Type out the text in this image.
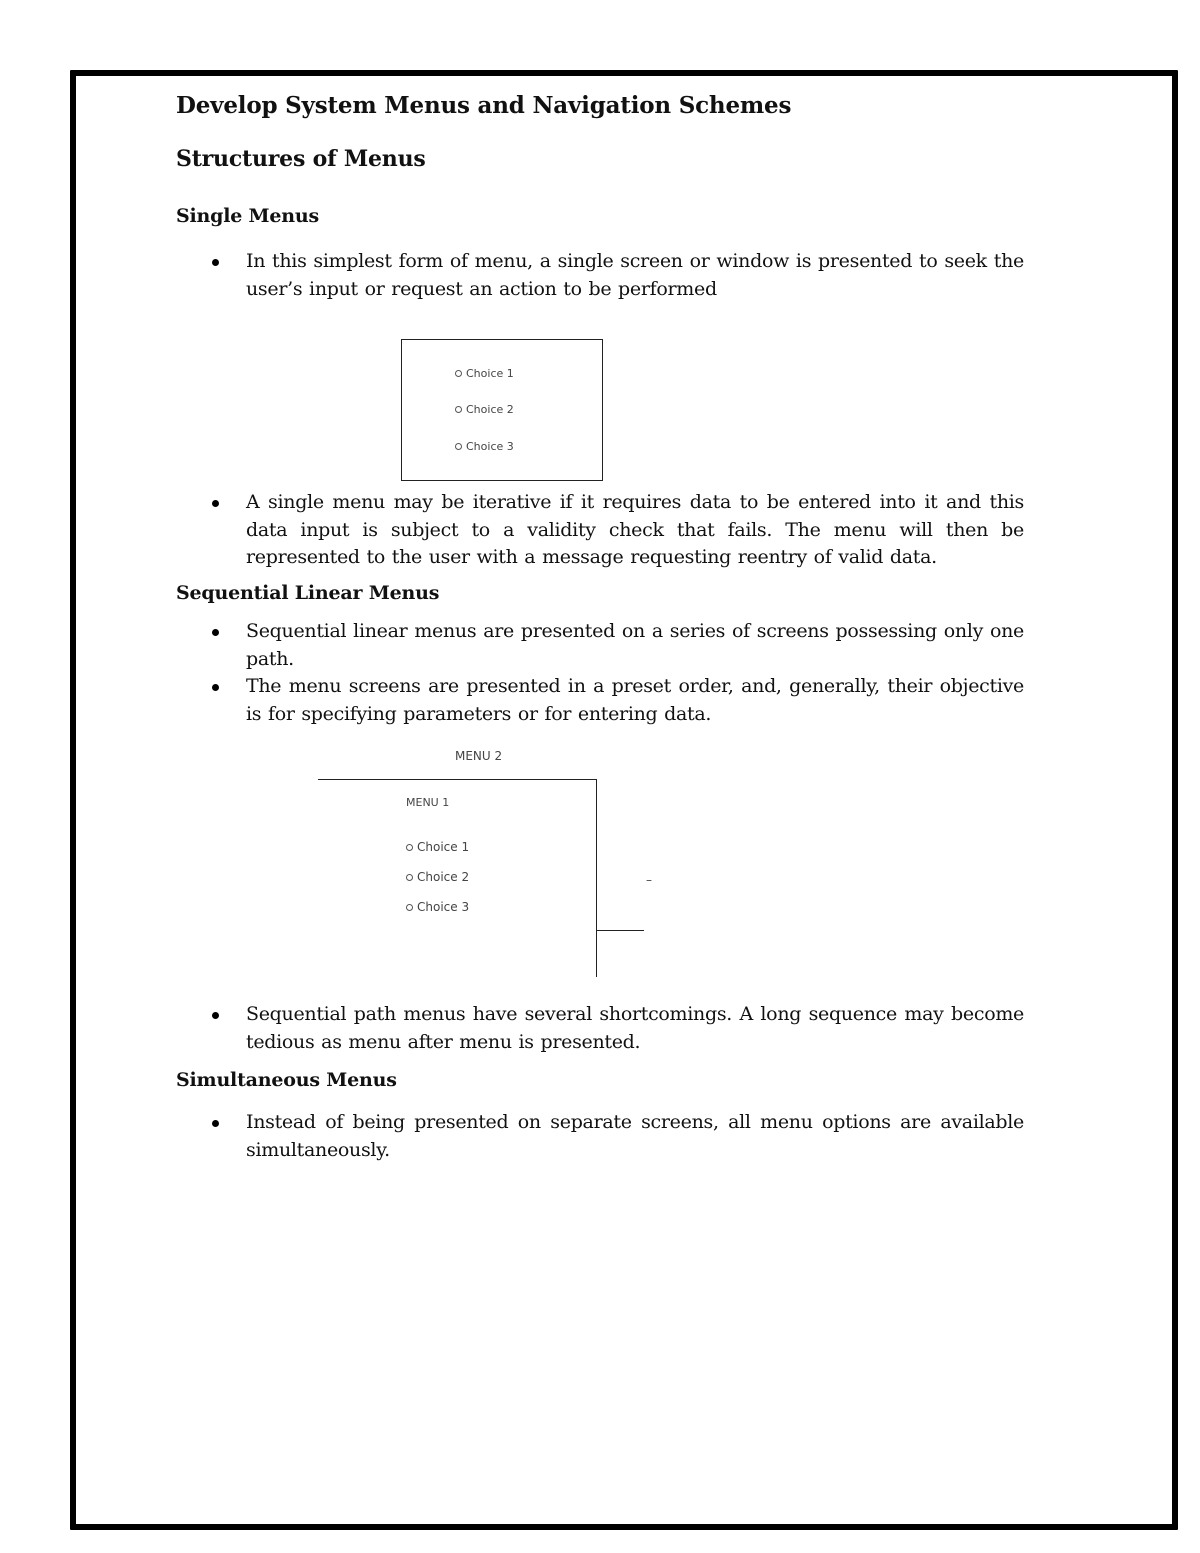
Develop System Menus and Navigation Schemes
Structures of Menus
Single Menus
In this simplest form of menu, a single screen or window is presented to seek the user’s input or request an action to be performed
Choice 1
Choice 2
Choice 3
A single menu may be iterative if it requires data to be entered into it and this data input is subject to a validity check that fails. The menu will then be represented to the user with a message requesting reentry of valid data.
Sequential Linear Menus
Sequential linear menus are presented on a series of screens possessing only one path.
The menu screens are presented in a preset order, and, generally, their objective is for specifying parameters or for entering data.
MENU 2
–
MENU 1
Choice 1
Choice 2
Choice 3
Sequential path menus have several shortcomings. A long sequence may become tedious as menu after menu is presented.
Simultaneous Menus
Instead of being presented on separate screens, all menu options are available simultaneously.
